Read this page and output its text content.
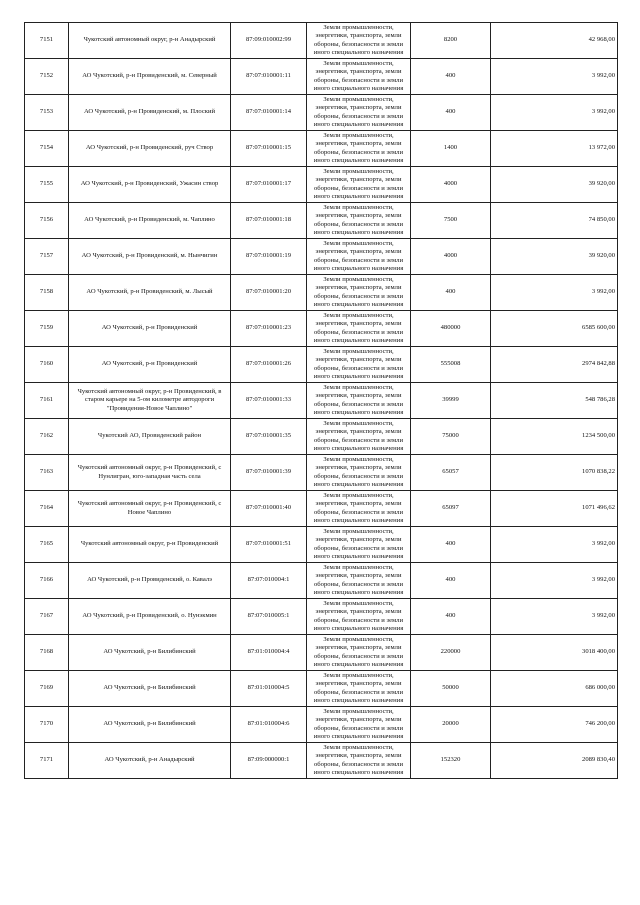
7151	Чукотский автономный округ, р-н Анадырский	87:09:010002:99	Земли промышленности, энергетики, транспорта, земли обороны, безопасности и земли иного специального назначения	8200	42 968,00
7152	АО Чукотский, р-н Провиденский, м. Северный	87:07:010001:11	Земли промышленности, энергетики, транспорта, земли обороны, безопасности и земли иного специального назначения	400	3 992,00
7153	АО Чукотский, р-н Провиденский, м. Плоский	87:07:010001:14	Земли промышленности, энергетики, транспорта, земли обороны, безопасности и земли иного специального назначения	400	3 992,00
7154	АО Чукотский, р-н Провиденский, руч Створ	87:07:010001:15	Земли промышленности, энергетики, транспорта, земли обороны, безопасности и земли иного специального назначения	1400	13 972,00
7155	АО Чукотский, р-н Провиденский, Ужасин створ	87:07:010001:17	Земли промышленности, энергетики, транспорта, земли обороны, безопасности и земли иного специального назначения	4000	39 920,00
7156	АО Чукотский, р-н Провиденский, м. Чаплино	87:07:010001:18	Земли промышленности, энергетики, транспорта, земли обороны, безопасности и земли иного специального назначения	7500	74 850,00
7157	АО Чукотский, р-н Провиденский, м. Нынчигин	87:07:010001:19	Земли промышленности, энергетики, транспорта, земли обороны, безопасности и земли иного специального назначения	4000	39 920,00
7158	АО Чукотский, р-н Провиденский, м. Лысый	87:07:010001:20	Земли промышленности, энергетики, транспорта, земли обороны, безопасности и земли иного специального назначения	400	3 992,00
7159	АО Чукотский, р-н Провиденский	87:07:010001:23	Земли промышленности, энергетики, транспорта, земли обороны, безопасности и земли иного специального назначения	480000	6585 600,00
7160	АО Чукотский, р-н Провиденский	87:07:010001:26	Земли промышленности, энергетики, транспорта, земли обороны, безопасности и земли иного специального назначения	555008	2974 842,88
7161	Чукотский автономный округ, р-н Провиденский, в старом карьере на 5-ом километре автодороги "Провидения-Новое Чаплино"	87:07:010001:33	Земли промышленности, энергетики, транспорта, земли обороны, безопасности и земли иного специального назначения	39999	548 786,28
7162	Чукотский АО, Провиденский район	87:07:010001:35	Земли промышленности, энергетики, транспорта, земли обороны, безопасности и земли иного специального назначения	75000	1234 500,00
7163	Чукотский автономный округ, р-н Провиденский, с Нунлигран, юго-западная часть села	87:07:010001:39	Земли промышленности, энергетики, транспорта, земли обороны, безопасности и земли иного специального назначения	65057	1070 838,22
7164	Чукотский автономный округ, р-н Провиденский, с Новое Чаплино	87:07:010001:40	Земли промышленности, энергетики, транспорта, земли обороны, безопасности и земли иного специального назначения	65097	1071 496,62
7165	Чукотский автономный округ, р-н Провиденский	87:07:010001:51	Земли промышленности, энергетики, транспорта, земли обороны, безопасности и земли иного специального назначения	400	3 992,00
7166	АО Чукотский, р-н Провиденский, о. Кавалэ	87:07:010004:1	Земли промышленности, энергетики, транспорта, земли обороны, безопасности и земли иного специального назначения	400	3 992,00
7167	АО Чукотский, р-н Провиденский, о. Нунэкмин	87:07:010005:1	Земли промышленности, энергетики, транспорта, земли обороны, безопасности и земли иного специального назначения	400	3 992,00
7168	АО Чукотский, р-н Билибинский	87:01:010004:4	Земли промышленности, энергетики, транспорта, земли обороны, безопасности и земли иного специального назначения	220000	3018 400,00
7169	АО Чукотский, р-н Билибинский	87:01:010004:5	Земли промышленности, энергетики, транспорта, земли обороны, безопасности и земли иного специального назначения	50000	686 000,00
7170	АО Чукотский, р-н Билибинский	87:01:010004:6	Земли промышленности, энергетики, транспорта, земли обороны, безопасности и земли иного специального назначения	20000	746 200,00
7171	АО Чукотский, р-н Анадырский	87:09:000000:1	Земли промышленности, энергетики, транспорта, земли обороны, безопасности и земли иного специального назначения	152320	2089 830,40
